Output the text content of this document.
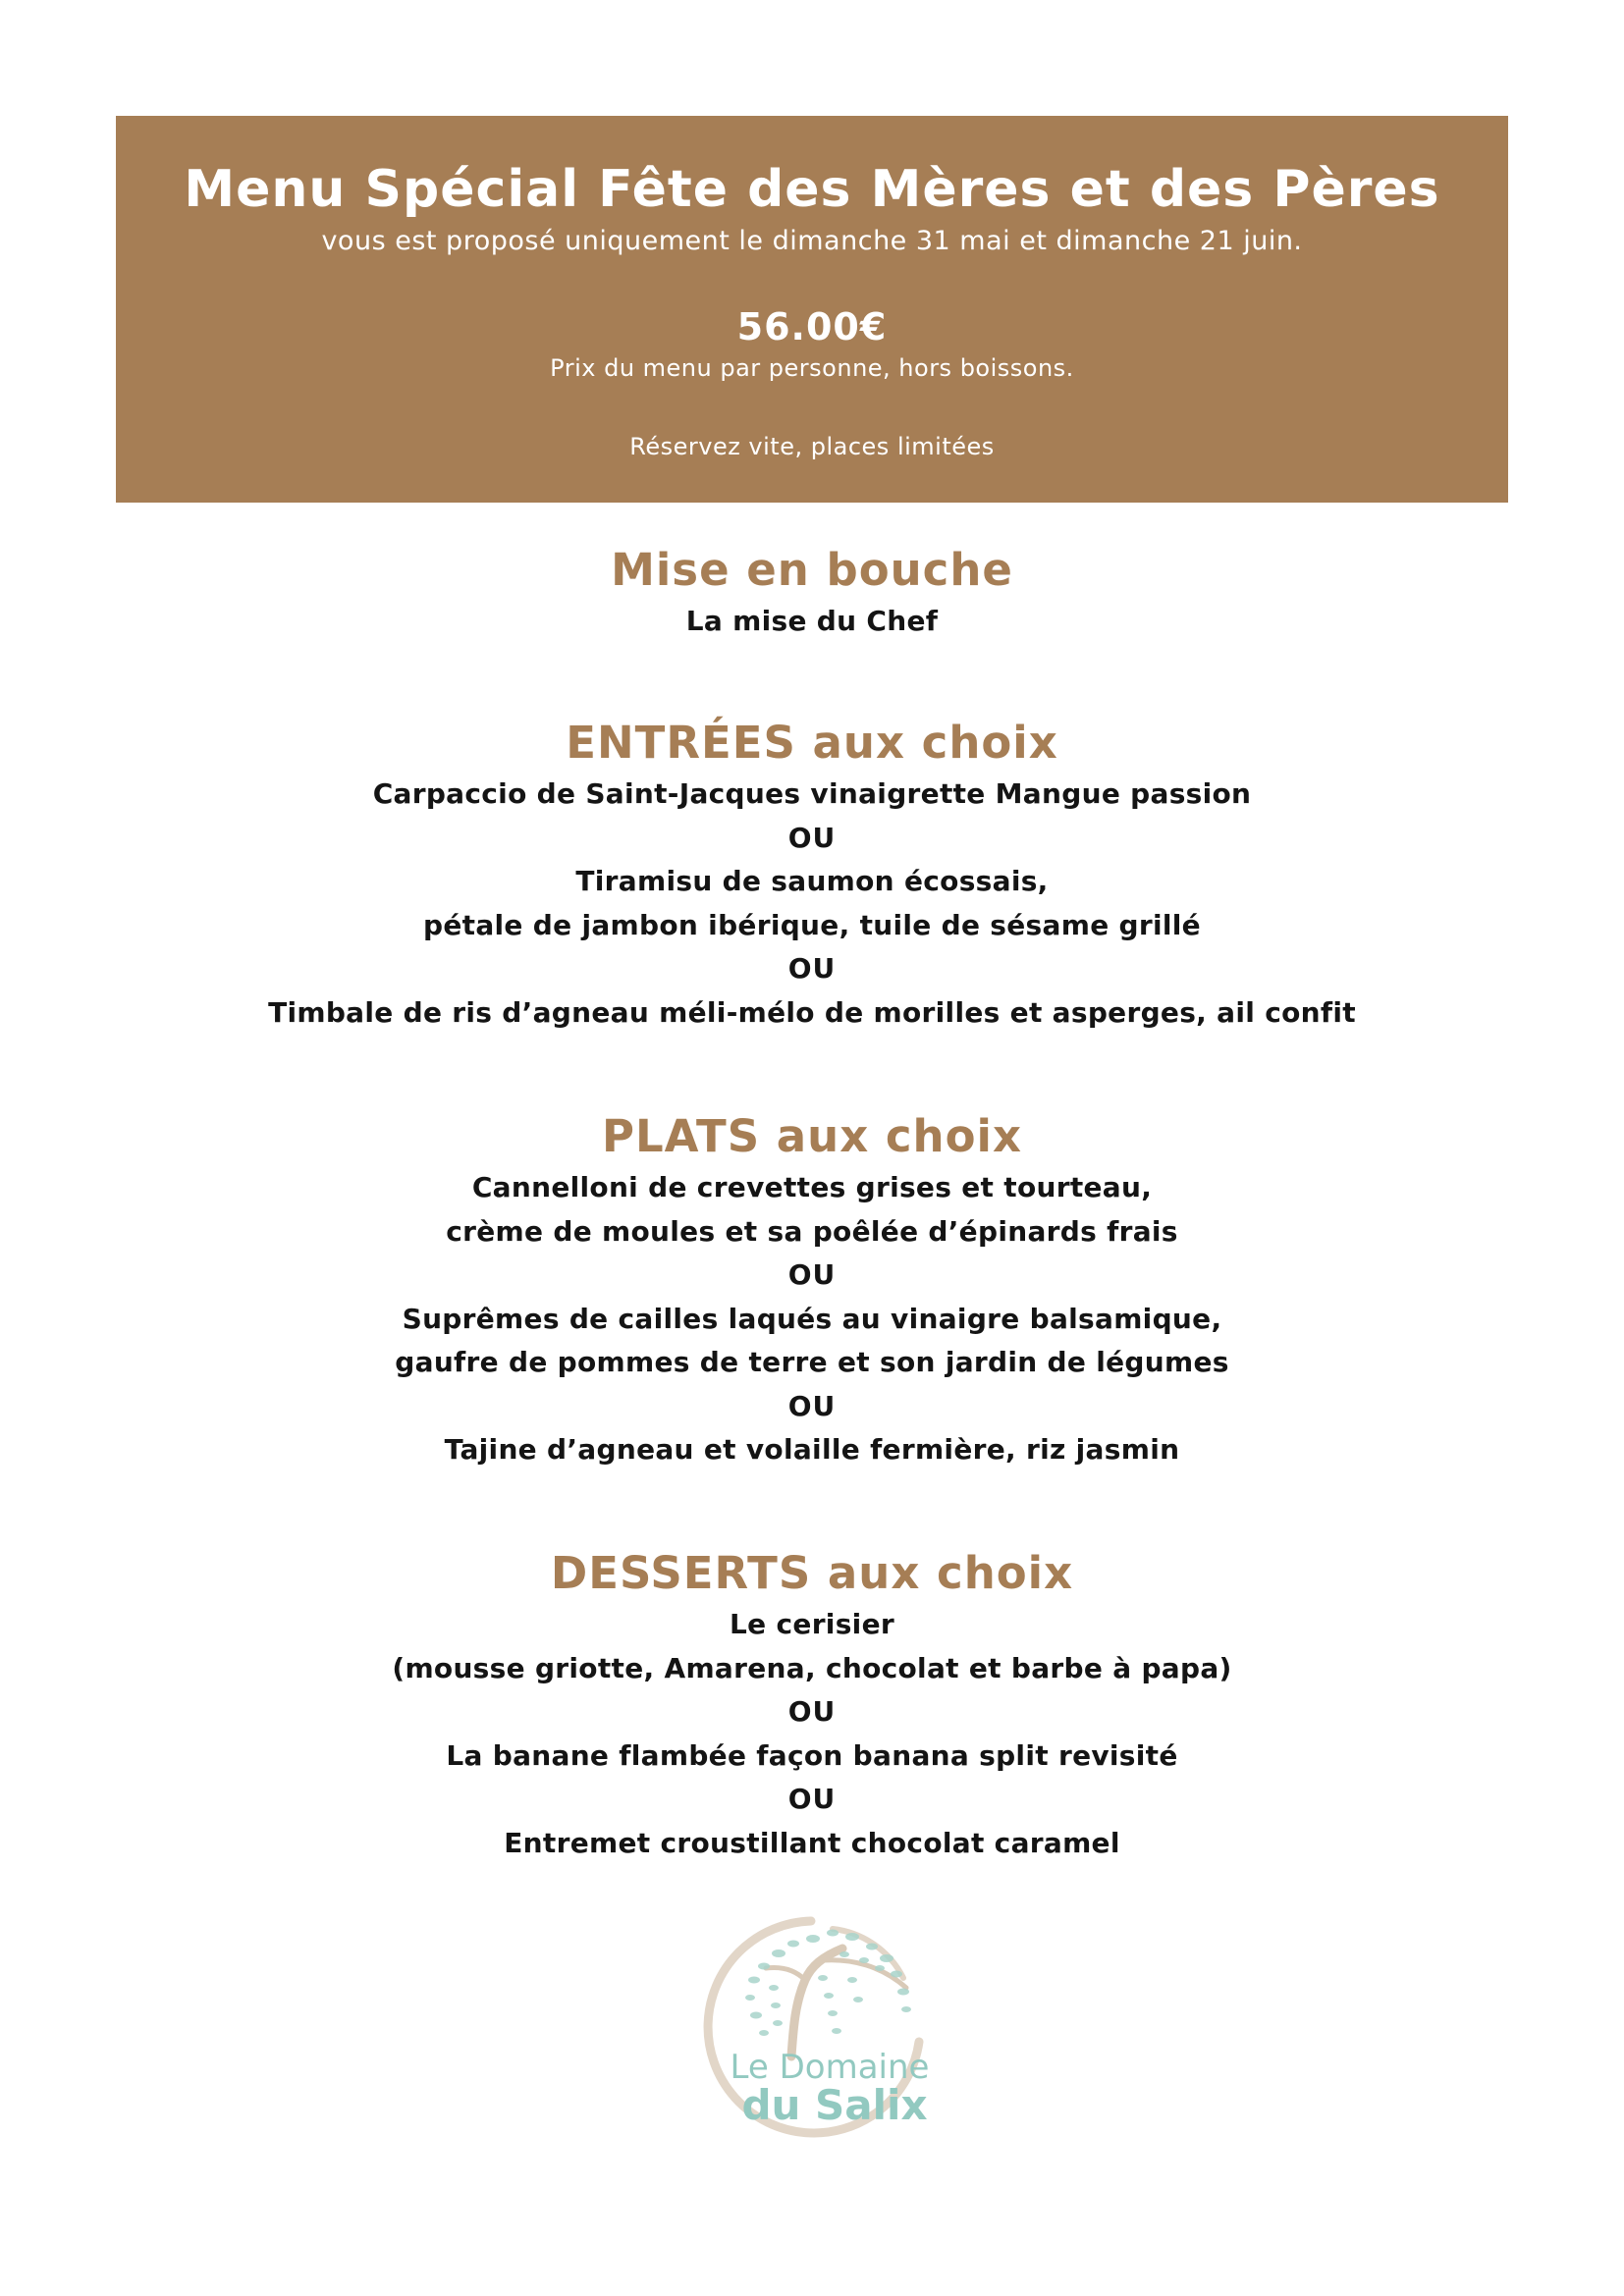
Menu Spécial Fête des Mères et des Pères
vous est proposé uniquement le dimanche 31 mai et dimanche 21 juin.
56.00€
Prix du menu par personne, hors boissons.
Réservez vite, places limitées
Mise en bouche
La mise du Chef
ENTRÉES aux choix
Carpaccio de Saint-Jacques vinaigrette Mangue passion
OU
Tiramisu de saumon écossais,
pétale de jambon ibérique, tuile de sésame grillé
OU
Timbale de ris d’agneau méli-mélo de morilles et asperges, ail confit
PLATS aux choix
Cannelloni de crevettes grises et tourteau,
crème de moules et sa poêlée d’épinards frais
OU
Suprêmes de cailles laqués au vinaigre balsamique,
gaufre de pommes de terre et son jardin de légumes
OU
Tajine d’agneau et volaille fermière, riz jasmin
DESSERTS aux choix
Le cerisier
(mousse griotte, Amarena, chocolat et barbe à papa)
OU
La banane flambée façon banana split revisité
OU
Entremet croustillant chocolat caramel
Le Domaine
du Salix
